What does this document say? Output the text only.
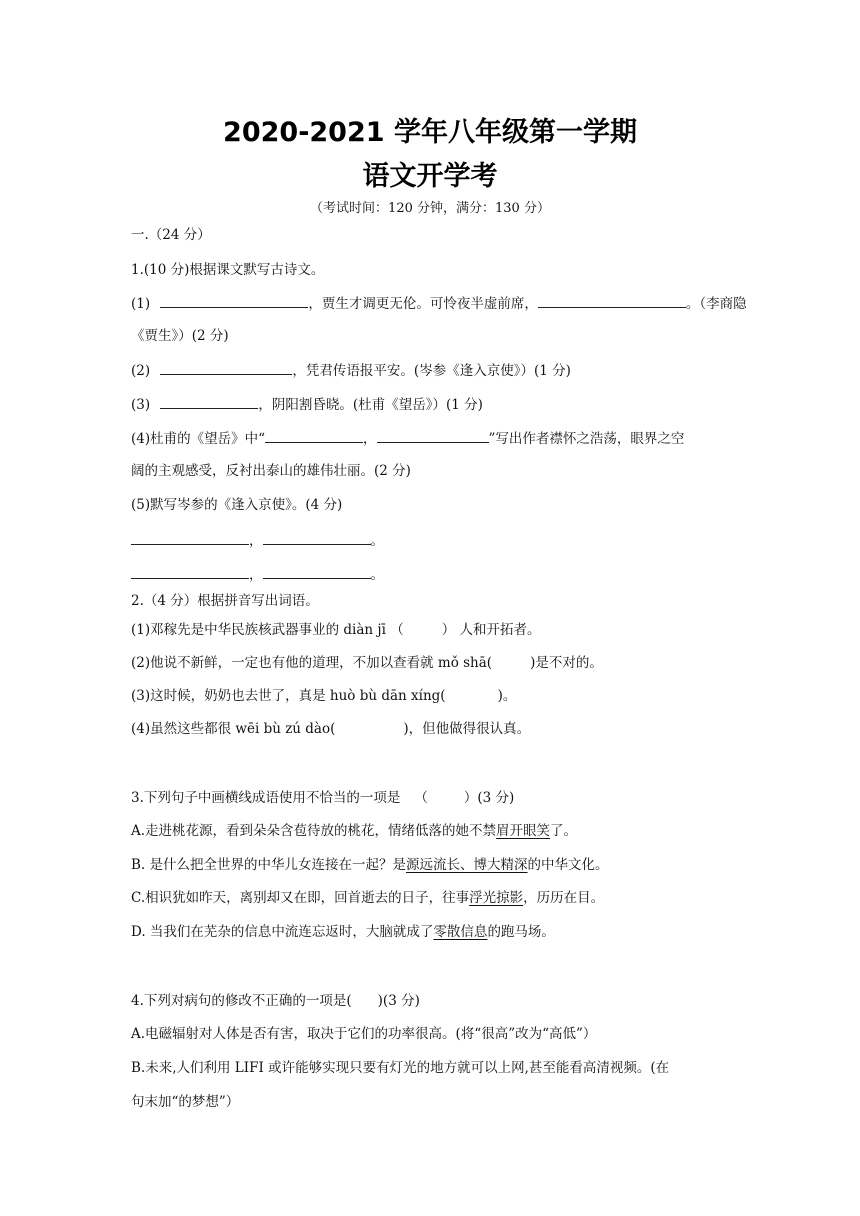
2020-2021 学年八年级第一学期
语文开学考
（考试时间：120 分钟，满分：130 分）
一.（24 分）
1.(10 分)根据课文默写古诗文。
(1)	，贾生才调更无伦。可怜夜半虚前席，	。（李商隐
《贾生》）(2 分)
(2)	，凭君传语报平安。(岑参《逢入京使》）(1 分)
(3)	，阴阳割昏晓。(杜甫《望岳》）(1 分)
(4)杜甫的《望岳》中“	，	”写出作者襟怀之浩荡，眼界之空
阔的主观感受，反衬出泰山的雄伟壮丽。(2 分)
(5)默写岑参的《逢入京使》。(4 分)
，	。
，	。
2.（4 分）根据拼音写出词语。
(1)邓稼先是中华民族核武器事业的 diàn jī （	） 人和开拓者。
(2)他说不新鲜，一定也有他的道理，不加以查看就 mǒ shā(	)是不对的。
(3)这时候，奶奶也去世了，真是 huò bù dān xíng(	)。
(4)虽然这些都很 wēi bù zú dào(	)，但他做得很认真。
3.下列句子中画横线成语使用不恰当的一项是 （	）(3 分)
A.走进桃花源，看到朵朵含苞待放的桃花，情绪低落的她不禁眉开眼笑了。
B. 是什么把全世界的中华儿女连接在一起？是源远流长、博大精深的中华文化。
C.相识犹如昨天，离别却又在即，回首逝去的日子，往事浮光掠影，历历在目。
D. 当我们在芜杂的信息中流连忘返时，大脑就成了零散信息的跑马场。
4.下列对病句的修改不正确的一项是( )(3 分)
A.电磁辐射对人体是否有害，取决于它们的功率很高。(将“很高”改为“高低”）
B.未来,人们利用 LIFI 或许能够实现只要有灯光的地方就可以上网,甚至能看高清视频。(在
句末加“的梦想”）
